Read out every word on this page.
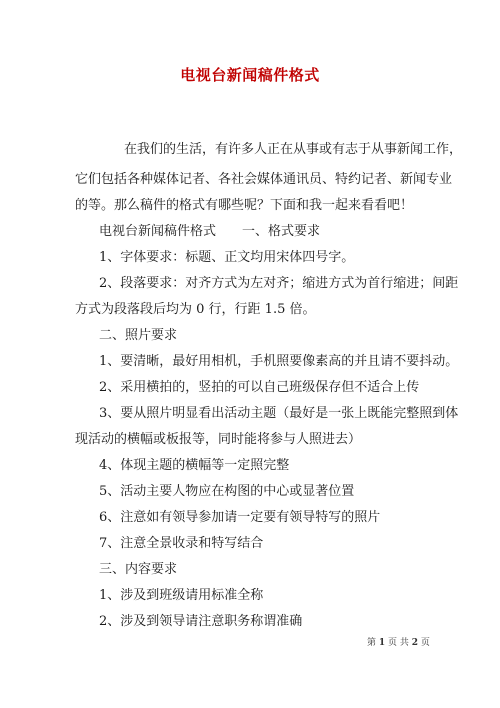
电视台新闻稿件格式
在我们的生活，有许多人正在从事或有志于从事新闻工作，
它们包括各种媒体记者、各社会媒体通讯员、特约记者、新闻专业
的等。那么稿件的格式有哪些呢？下面和我一起来看看吧！
电视台新闻稿件格式　　一、格式要求
1、字体要求：标题、正文均用宋体四号字。
2、段落要求：对齐方式为左对齐；缩进方式为首行缩进；间距
方式为段落段后均为 0 行，行距 1.5 倍。
二、照片要求
1、要清晰，最好用相机，手机照要像素高的并且请不要抖动。
2、采用横拍的，竖拍的可以自己班级保存但不适合上传
3、要从照片明显看出活动主题（最好是一张上既能完整照到体
现活动的横幅或板报等，同时能将参与人照进去）
4、体现主题的横幅等一定照完整
5、活动主要人物应在构图的中心或显著位置
6、注意如有领导参加请一定要有领导特写的照片
7、注意全景收录和特写结合
三、内容要求
1、涉及到班级请用标准全称
2、涉及到领导请注意职务称谓准确
第 1 页 共 2 页
